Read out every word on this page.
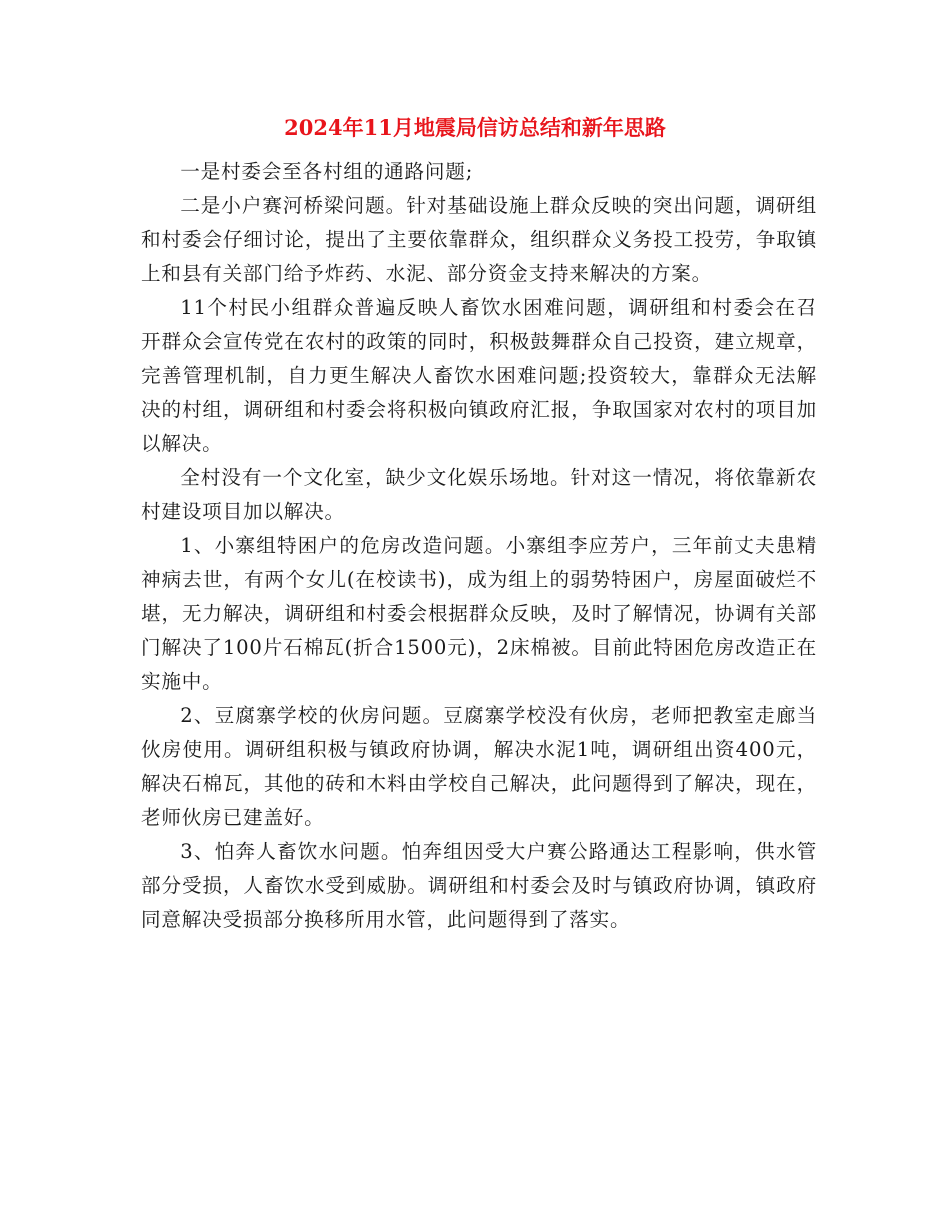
2024年11月地震局信访总结和新年思路

一是村委会至各村组的通路问题;

二是小户赛河桥梁问题。针对基础设施上群众反映的突出问题，调研组和村委会仔细讨论，提出了主要依靠群众，组织群众义务投工投劳，争取镇上和县有关部门给予炸药、水泥、部分资金支持来解决的方案。

11个村民小组群众普遍反映人畜饮水困难问题，调研组和村委会在召开群众会宣传党在农村的政策的同时，积极鼓舞群众自己投资，建立规章，完善管理机制，自力更生解决人畜饮水困难问题;投资较大，靠群众无法解决的村组，调研组和村委会将积极向镇政府汇报，争取国家对农村的项目加以解决。

全村没有一个文化室，缺少文化娱乐场地。针对这一情况，将依靠新农村建设项目加以解决。

1、小寨组特困户的危房改造问题。小寨组李应芳户，三年前丈夫患精神病去世，有两个女儿(在校读书)，成为组上的弱势特困户，房屋面破烂不堪，无力解决，调研组和村委会根据群众反映，及时了解情况，协调有关部门解决了100片石棉瓦(折合1500元)，2床棉被。目前此特困危房改造正在实施中。

2、豆腐寨学校的伙房问题。豆腐寨学校没有伙房，老师把教室走廊当伙房使用。调研组积极与镇政府协调，解决水泥1吨，调研组出资400元，解决石棉瓦，其他的砖和木料由学校自己解决，此问题得到了解决，现在，老师伙房已建盖好。

3、怕奔人畜饮水问题。怕奔组因受大户赛公路通达工程影响，供水管部分受损，人畜饮水受到威胁。调研组和村委会及时与镇政府协调，镇政府同意解决受损部分换移所用水管，此问题得到了落实。
